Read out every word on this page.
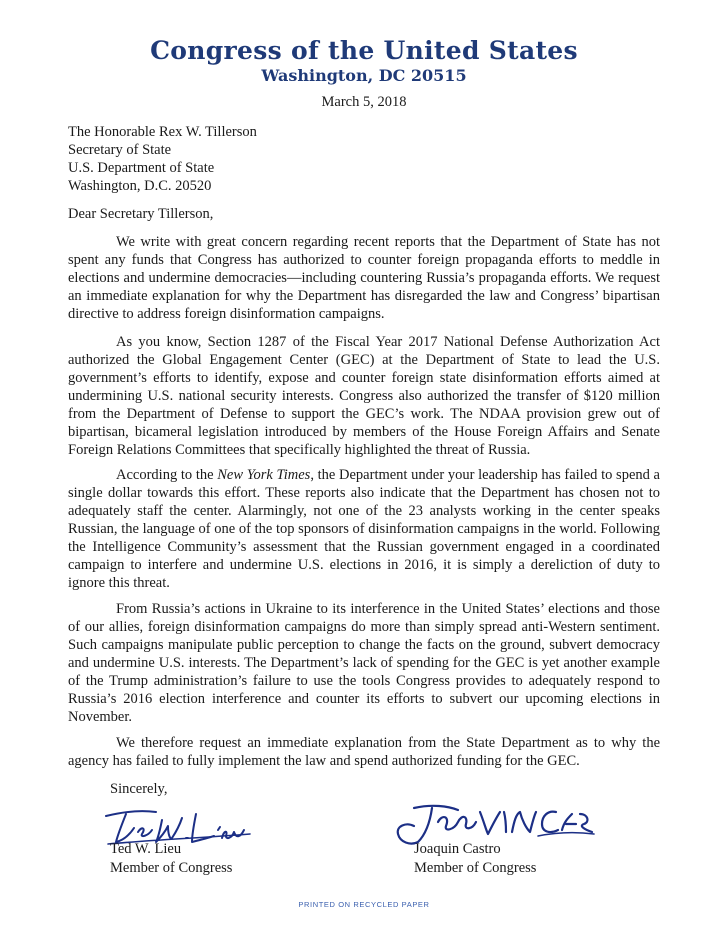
Congress of the United States
Washington, DC 20515
March 5, 2018
The Honorable Rex W. Tillerson
Secretary of State
U.S. Department of State
Washington, D.C. 20520
Dear Secretary Tillerson,
We write with great concern regarding recent reports that the Department of State has not spent any funds that Congress has authorized to counter foreign propaganda efforts to meddle in elections and undermine democracies—including countering Russia’s propaganda efforts. We request an immediate explanation for why the Department has disregarded the law and Congress’ bipartisan directive to address foreign disinformation campaigns.
As you know, Section 1287 of the Fiscal Year 2017 National Defense Authorization Act authorized the Global Engagement Center (GEC) at the Department of State to lead the U.S. government’s efforts to identify, expose and counter foreign state disinformation efforts aimed at undermining U.S. national security interests. Congress also authorized the transfer of $120 million from the Department of Defense to support the GEC’s work. The NDAA provision grew out of bipartisan, bicameral legislation introduced by members of the House Foreign Affairs and Senate Foreign Relations Committees that specifically highlighted the threat of Russia.
According to the New York Times, the Department under your leadership has failed to spend a single dollar towards this effort. These reports also indicate that the Department has chosen not to adequately staff the center. Alarmingly, not one of the 23 analysts working in the center speaks Russian, the language of one of the top sponsors of disinformation campaigns in the world. Following the Intelligence Community’s assessment that the Russian government engaged in a coordinated campaign to interfere and undermine U.S. elections in 2016, it is simply a dereliction of duty to ignore this threat.
From Russia’s actions in Ukraine to its interference in the United States’ elections and those of our allies, foreign disinformation campaigns do more than simply spread anti-Western sentiment. Such campaigns manipulate public perception to change the facts on the ground, subvert democracy and undermine U.S. interests. The Department’s lack of spending for the GEC is yet another example of the Trump administration’s failure to use the tools Congress provides to adequately respond to Russia’s 2016 election interference and counter its efforts to subvert our upcoming elections in November.
We therefore request an immediate explanation from the State Department as to why the agency has failed to fully implement the law and spend authorized funding for the GEC.
Sincerely,
Ted W. Lieu
Member of Congress
Joaquin Castro
Member of Congress
PRINTED ON RECYCLED PAPER
